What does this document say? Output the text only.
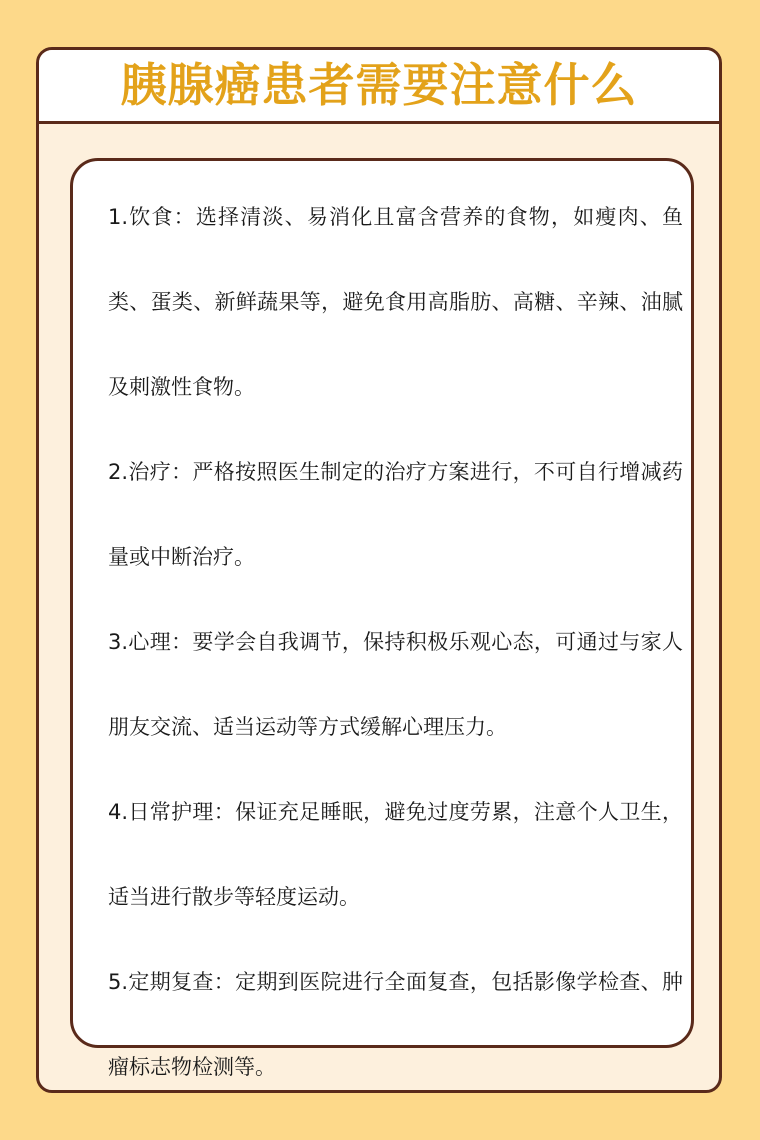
胰腺癌患者需要注意什么

1.饮食：选择清淡、易消化且富含营养的食物，如瘦肉、鱼类、蛋类、新鲜蔬果等，避免食用高脂肪、高糖、辛辣、油腻及刺激性食物。

2.治疗：严格按照医生制定的治疗方案进行，不可自行增减药量或中断治疗。

3.心理：要学会自我调节，保持积极乐观心态，可通过与家人朋友交流、适当运动等方式缓解心理压力。

4.日常护理：保证充足睡眠，避免过度劳累，注意个人卫生，适当进行散步等轻度运动。

5.定期复查：定期到医院进行全面复查，包括影像学检查、肿瘤标志物检测等。
